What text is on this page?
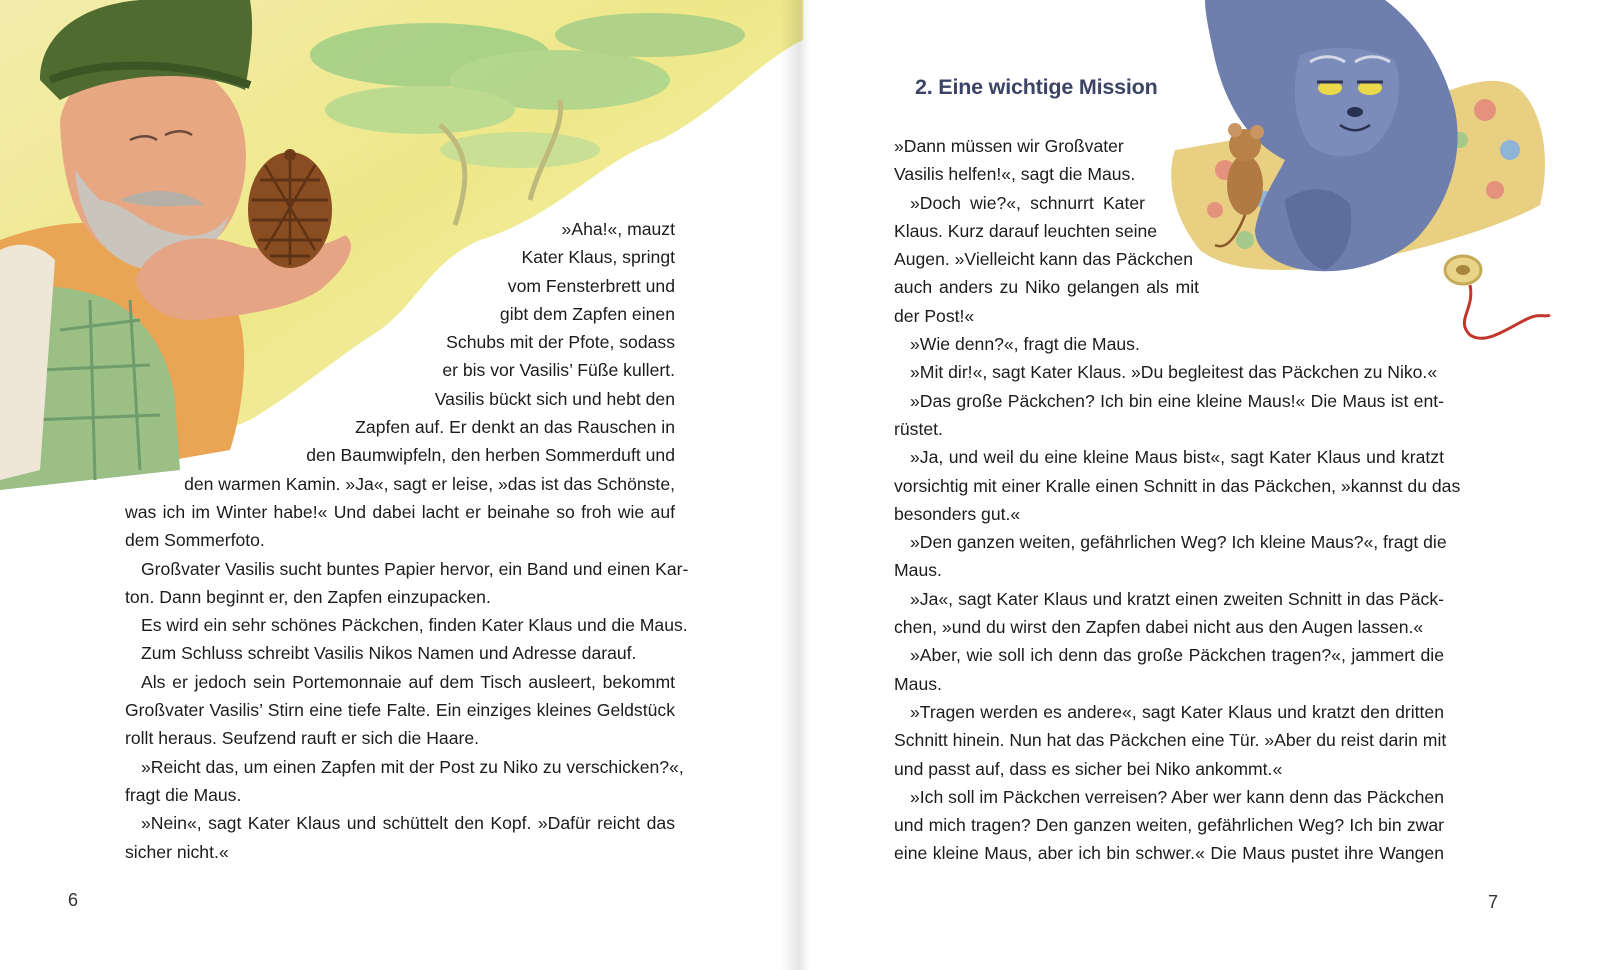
»Aha!«, mauzt
Kater Klaus, springt
vom Fensterbrett und
gibt dem Zapfen einen
Schubs mit der Pfote, sodass
er bis vor Vasilis’ Füße kullert.
Vasilis bückt sich und hebt den
Zapfen auf. Er denkt an das Rauschen in
den Baumwipfeln, den herben Sommerduft und
den warmen Kamin. »Ja«, sagt er leise, »das ist das Schönste,
was ich im Winter habe!« Und dabei lacht er beinahe so froh wie auf
dem Sommerfoto.
Großvater Vasilis sucht buntes Papier hervor, ein Band und einen Kar-
ton. Dann beginnt er, den Zapfen einzupacken.
Es wird ein sehr schönes Päckchen, finden Kater Klaus und die Maus.
Zum Schluss schreibt Vasilis Nikos Namen und Adresse darauf.
Als er jedoch sein Portemonnaie auf dem Tisch ausleert, bekommt
Großvater Vasilis’ Stirn eine tiefe Falte. Ein einziges kleines Geldstück
rollt heraus. Seufzend rauft er sich die Haare.
»Reicht das, um einen Zapfen mit der Post zu Niko zu verschicken?«,
fragt die Maus.
»Nein«, sagt Kater Klaus und schüttelt den Kopf. »Dafür reicht das
sicher nicht.«
6
2. Eine wichtige Mission
»Dann müssen wir Großvater
Vasilis helfen!«, sagt die Maus.
»Doch wie?«, schnurrt Kater
Klaus. Kurz darauf leuchten seine
Augen. »Vielleicht kann das Päckchen
auch anders zu Niko gelangen als mit
der Post!«
»Wie denn?«, fragt die Maus.
»Mit dir!«, sagt Kater Klaus. »Du begleitest das Päckchen zu Niko.«
»Das große Päckchen? Ich bin eine kleine Maus!« Die Maus ist ent-
rüstet.
»Ja, und weil du eine kleine Maus bist«, sagt Kater Klaus und kratzt
vorsichtig mit einer Kralle einen Schnitt in das Päckchen, »kannst du das
besonders gut.«
»Den ganzen weiten, gefährlichen Weg? Ich kleine Maus?«, fragt die
Maus.
»Ja«, sagt Kater Klaus und kratzt einen zweiten Schnitt in das Päck-
chen, »und du wirst den Zapfen dabei nicht aus den Augen lassen.«
»Aber, wie soll ich denn das große Päckchen tragen?«, jammert die
Maus.
»Tragen werden es andere«, sagt Kater Klaus und kratzt den dritten
Schnitt hinein. Nun hat das Päckchen eine Tür. »Aber du reist darin mit
und passt auf, dass es sicher bei Niko ankommt.«
»Ich soll im Päckchen verreisen? Aber wer kann denn das Päckchen
und mich tragen? Den ganzen weiten, gefährlichen Weg? Ich bin zwar
eine kleine Maus, aber ich bin schwer.« Die Maus pustet ihre Wangen
7
